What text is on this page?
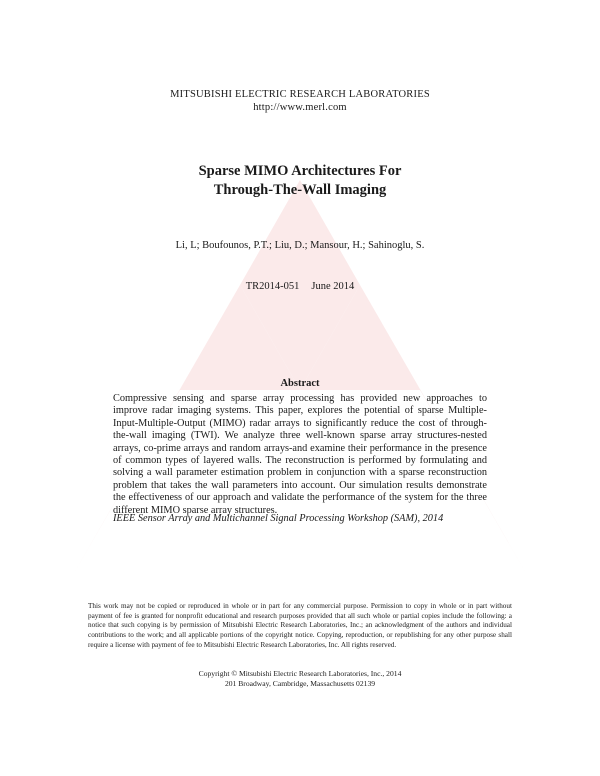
MITSUBISHI ELECTRIC RESEARCH LABORATORIES
http://www.merl.com
Sparse MIMO Architectures For
Through-The-Wall Imaging
Li, L; Boufounos, P.T.; Liu, D.; Mansour, H.; Sahinoglu, S.
TR2014-051 June 2014
Abstract
Compressive sensing and sparse array processing has provided new approaches to improve radar imaging systems. This paper, explores the potential of sparse Multiple-Input-Multiple-Output (MIMO) radar arrays to significantly reduce the cost of through-the-wall imaging (TWI). We analyze three well-known sparse array structures-nested arrays, co-prime arrays and random arrays-and examine their performance in the presence of common types of layered walls. The reconstruction is performed by formulating and solving a wall parameter estimation problem in conjunction with a sparse reconstruction problem that takes the wall parameters into account. Our simulation results demonstrate the effectiveness of our approach and validate the performance of the system for the three different MIMO sparse array structures.
IEEE Sensor Array and Multichannel Signal Processing Workshop (SAM), 2014
This work may not be copied or reproduced in whole or in part for any commercial purpose. Permission to copy in whole or in part without payment of fee is granted for nonprofit educational and research purposes provided that all such whole or partial copies include the following: a notice that such copying is by permission of Mitsubishi Electric Research Laboratories, Inc.; an acknowledgment of the authors and individual contributions to the work; and all applicable portions of the copyright notice. Copying, reproduction, or republishing for any other purpose shall require a license with payment of fee to Mitsubishi Electric Research Laboratories, Inc. All rights reserved.
Copyright © Mitsubishi Electric Research Laboratories, Inc., 2014
201 Broadway, Cambridge, Massachusetts 02139
